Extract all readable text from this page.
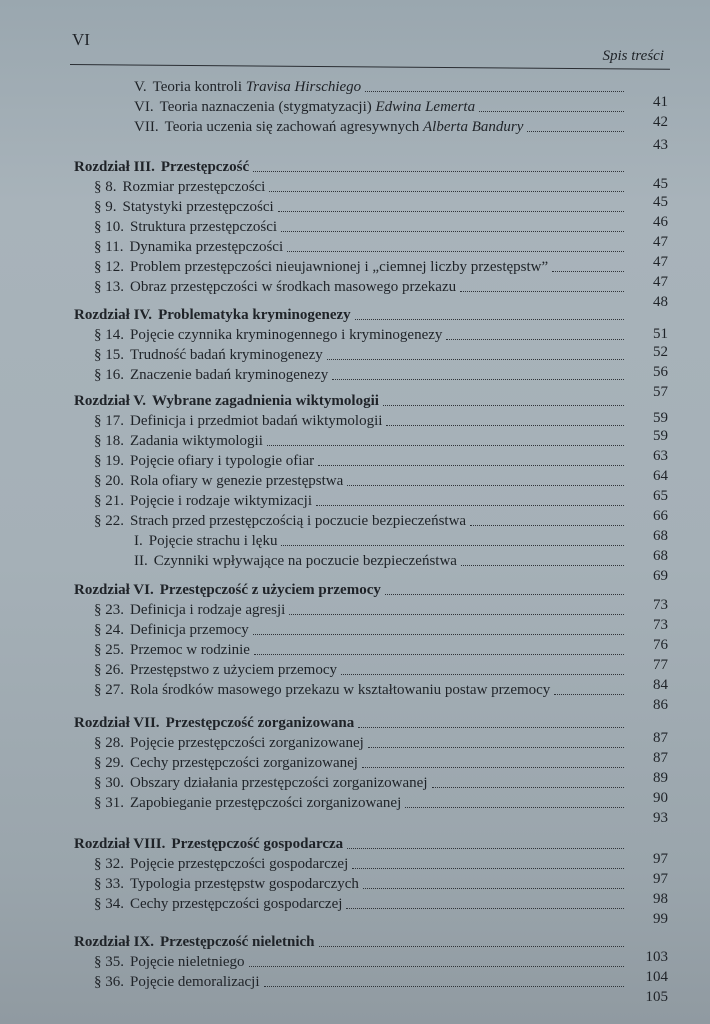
VI
Spis treści
V. Teoria kontroli Travisa Hirschiego
41
VI. Teoria naznaczenia (stygmatyzacji) Edwina Lemerta
42
VII. Teoria uczenia się zachowań agresywnych Alberta Bandury
43
Rozdział III. Przestępczość
45
§ 8. Rozmiar przestępczości
45
§ 9. Statystyki przestępczości
46
§ 10. Struktura przestępczości
47
§ 11. Dynamika przestępczości
47
§ 12. Problem przestępczości nieujawnionej i „ciemnej liczby przestępstw”
47
§ 13. Obraz przestępczości w środkach masowego przekazu
48
Rozdział IV. Problematyka kryminogenezy
51
§ 14. Pojęcie czynnika kryminogennego i kryminogenezy
52
§ 15. Trudność badań kryminogenezy
56
§ 16. Znaczenie badań kryminogenezy
57
Rozdział V. Wybrane zagadnienia wiktymologii
59
§ 17. Definicja i przedmiot badań wiktymologii
59
§ 18. Zadania wiktymologii
63
§ 19. Pojęcie ofiary i typologie ofiar
64
§ 20. Rola ofiary w genezie przestępstwa
65
§ 21. Pojęcie i rodzaje wiktymizacji
66
§ 22. Strach przed przestępczością i poczucie bezpieczeństwa
68
I. Pojęcie strachu i lęku
68
II. Czynniki wpływające na poczucie bezpieczeństwa
69
Rozdział VI. Przestępczość z użyciem przemocy
73
§ 23. Definicja i rodzaje agresji
73
§ 24. Definicja przemocy
76
§ 25. Przemoc w rodzinie
77
§ 26. Przestępstwo z użyciem przemocy
84
§ 27. Rola środków masowego przekazu w kształtowaniu postaw przemocy
86
Rozdział VII. Przestępczość zorganizowana
87
§ 28. Pojęcie przestępczości zorganizowanej
87
§ 29. Cechy przestępczości zorganizowanej
89
§ 30. Obszary działania przestępczości zorganizowanej
90
§ 31. Zapobieganie przestępczości zorganizowanej
93
Rozdział VIII. Przestępczość gospodarcza
97
§ 32. Pojęcie przestępczości gospodarczej
97
§ 33. Typologia przestępstw gospodarczych
98
§ 34. Cechy przestępczości gospodarczej
99
Rozdział IX. Przestępczość nieletnich
103
§ 35. Pojęcie nieletniego
104
§ 36. Pojęcie demoralizacji
105
